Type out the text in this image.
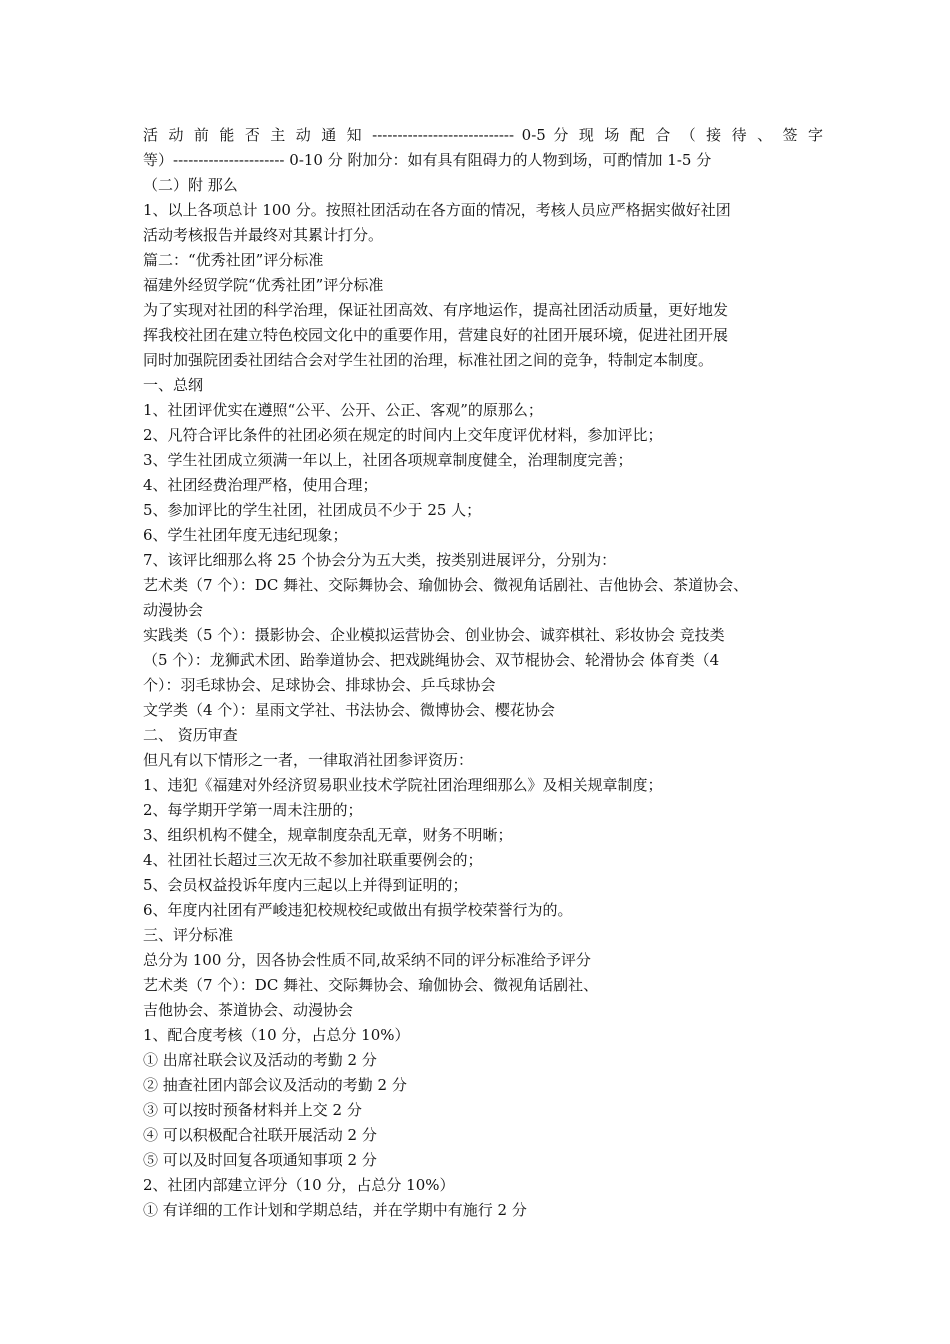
活 动 前 能 否 主 动 通 知 ---------------------------- 0-5 分 现 场 配 合 （ 接 待 、 签 字
等）---------------------- 0-10 分 附加分：如有具有阻碍力的人物到场，可酌情加 1-5 分
（二）附 那么
1、以上各项总计 100 分。按照社团活动在各方面的情况，考核人员应严格据实做好社团
活动考核报告并最终对其累计打分。
篇二：“优秀社团”评分标准
福建外经贸学院“优秀社团”评分标准
为了实现对社团的科学治理，保证社团高效、有序地运作，提高社团活动质量，更好地发
挥我校社团在建立特色校园文化中的重要作用，营建良好的社团开展环境，促进社团开展
同时加强院团委社团结合会对学生社团的治理，标准社团之间的竞争，特制定本制度。
一、总纲
1、社团评优实在遵照“公平、公开、公正、客观”的原那么；
2、凡符合评比条件的社团必须在规定的时间内上交年度评优材料，参加评比；
3、学生社团成立须满一年以上，社团各项规章制度健全，治理制度完善；
4、社团经费治理严格，使用合理；
5、参加评比的学生社团，社团成员不少于 25 人；
6、学生社团年度无违纪现象；
7、该评比细那么将 25 个协会分为五大类，按类别进展评分，分别为：
艺术类（7 个）：DC 舞社、交际舞协会、瑜伽协会、微视角话剧社、吉他协会、茶道协会、
动漫协会
实践类（5 个）：摄影协会、企业模拟运营协会、创业协会、诚弈棋社、彩妆协会 竞技类
（5 个）：龙狮武术团、跆拳道协会、把戏跳绳协会、双节棍协会、轮滑协会 体育类（4
个）：羽毛球协会、足球协会、排球协会、乒乓球协会
文学类（4 个）：星雨文学社、书法协会、微博协会、樱花协会
二、 资历审查
但凡有以下情形之一者，一律取消社团参评资历：
1、违犯《福建对外经济贸易职业技术学院社团治理细那么》及相关规章制度；
2、每学期开学第一周未注册的；
3、组织机构不健全，规章制度杂乱无章，财务不明晰；
4、社团社长超过三次无故不参加社联重要例会的；
5、会员权益投诉年度内三起以上并得到证明的；
6、年度内社团有严峻违犯校规校纪或做出有损学校荣誉行为的。
三、评分标准
总分为 100 分，因各协会性质不同,故采纳不同的评分标准给予评分
艺术类（7 个）：DC 舞社、交际舞协会、瑜伽协会、微视角话剧社、
吉他协会、茶道协会、动漫协会
1、配合度考核（10 分，占总分 10%）
① 出席社联会议及活动的考勤 2 分
② 抽查社团内部会议及活动的考勤 2 分
③ 可以按时预备材料并上交 2 分
④ 可以积极配合社联开展活动 2 分
⑤ 可以及时回复各项通知事项 2 分
2、社团内部建立评分（10 分，占总分 10%）
① 有详细的工作计划和学期总结，并在学期中有施行 2 分
